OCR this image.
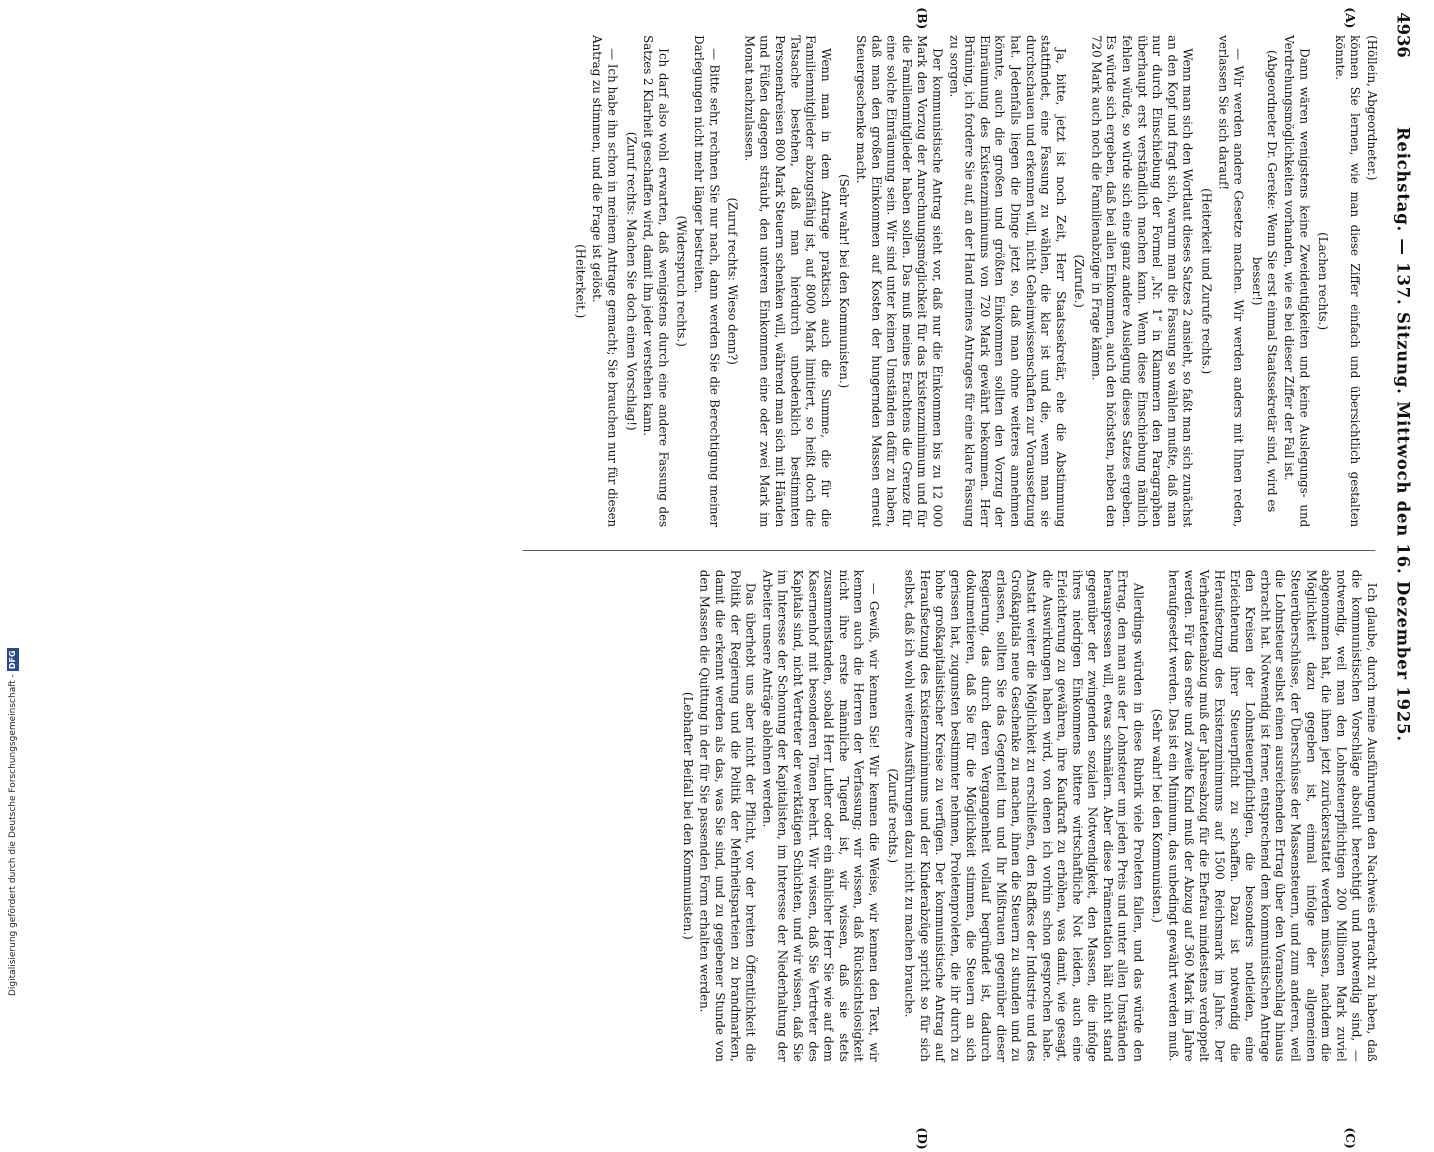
Digitalisierung gefördert durch die Deutsche Forschungsgemeinschaft -DFG
4936
Reichstag. — 137. Sitzung. Mittwoch den 16. Dezember 1925.
(A)
(B)
(C)
(D)

(Höllein, Abgeordneter.)

können Sie lernen, wie man diese Ziffer einfach und übersichtlich gestalten könnte.

(Lachen rechts.)

Dann wären wenigstens keine Zweideutigkeiten und keine Auslegungs- und Verdrehungsmöglichkeiten vorhanden, wie es bei dieser Ziffer der Fall ist.

(Abgeordneter Dr. Gereke: Wenn Sie erst einmal Staatssekretär sind, wird es besser!)

— Wir werden andere Gesetze machen. Wir werden anders mit Ihnen reden, verlassen Sie sich darauf!

(Heiterkeit und Zurufe rechts.)

Wenn man sich den Wortlaut dieses Satzes 2 ansieht, so faßt man sich zunächst an den Kopf und fragt sich, warum man die Fassung so wählen mußte, daß man nur durch Einschiebung der Formel „Nr. 1“ in Klammern den Paragraphen überhaupt erst verständlich machen kann. Wenn diese Einschiebung nämlich fehlen würde, so würde sich eine ganz andere Auslegung dieses Satzes ergeben. Es würde sich ergeben, daß bei allen Einkommen, auch den höchsten, neben den 720 Mark auch noch die Familienabzüge in Frage kämen.

(Zurufe.)

Ja, bitte, jetzt ist noch Zeit, Herr Staatssekretär, ehe die Abstimmung stattfindet, eine Fassung zu wählen, die klar ist und die, wenn man sie durchschauen und erkennen will, nicht Geheimwissenschaften zur Voraussetzung hat. Jedenfalls liegen die Dinge jetzt so, daß man ohne weiteres annehmen könnte, auch die großen und größten Einkommen sollten den Vorzug der Einräumung des Existenzminimums von 720 Mark gewährt bekommen. Herr Brüning, ich fordere Sie auf, an der Hand meines Antrages für eine klare Fassung zu sorgen.

Der kommunistische Antrag sieht vor, daß nur die Einkommen bis zu 12 000 Mark den Vorzug der Anrechnungsmöglichkeit für das Existenzminimum und für die Familienmitglieder haben sollen. Das muß meines Erachtens die Grenze für eine solche Einräumung sein. Wir sind unter keinen Umständen dafür zu haben, daß man den großen Einkommen auf Kosten der hungernden Massen erneut Steuergeschenke macht.

(Sehr wahr! bei den Kommunisten.)

Wenn man in dem Antrage praktisch auch die Summe, die für die Familienmitglieder abzugsfähig ist, auf 8000 Mark limitiert, so heißt doch die Tatsache bestehen, daß man hierdurch unbedenklich bestimmten Personenkreisen 800 Mark Steuern schenken will, während man sich mit Händen und Füßen dagegen sträubt, den unteren Einkommen eine oder zwei Mark im Monat nachzulassen.

(Zuruf rechts: Wieso denn?)

— Bitte sehr, rechnen Sie nur nach, dann werden Sie die Berechtigung meiner Darlegungen nicht mehr länger bestreiten.

(Widerspruch rechts.)

Ich darf also wohl erwarten, daß wenigstens durch eine andere Fassung des Satzes 2 Klarheit geschaffen wird, damit ihn jeder verstehen kann.

(Zuruf rechts: Machen Sie doch einen Vorschlag!)

— Ich habe ihn schon in meinem Antrage gemacht; Sie brauchen nur für diesen Antrag zu stimmen, und die Frage ist gelöst.

(Heiterkeit.)

Ich glaube, durch meine Ausführungen den Nachweis erbracht zu haben, daß die kommunistischen Vorschläge absolut berechtigt und notwendig sind, — notwendig, weil man den Lohnsteuerpflichtigen 200 Millionen Mark zuviel abgenommen hat, die ihnen jetzt zurückerstattet werden müssen, nachdem die Möglichkeit dazu gegeben ist, einmal infolge der allgemeinen Steuerüberschüsse, der Überschüsse der Massensteuern, und zum anderen, weil die Lohnsteuer selbst einen ausreichenden Ertrag über den Voranschlag hinaus erbracht hat. Notwendig ist ferner, entsprechend dem kommunistischen Antrage den Kreisen der Lohnsteuerpflichtigen, die besonders notleiden, eine Erleichterung ihrer Steuerpflicht zu schaffen. Dazu ist notwendig die Heraufsetzung des Existenzminimums auf 1500 Reichsmark im Jahre. Der Verheiratetenabzug muß der Jahresabzug für die Ehefrau mindestens verdoppelt werden. Für das erste und zweite Kind muß der Abzug auf 360 Mark im Jahre heraufgesetzt werden. Das ist ein Minimum, das unbedingt gewährt werden muß.

(Sehr wahr! bei den Kommunisten.)

Allerdings würden in diese Rubrik viele Proleten fallen, und das würde den Ertrag, den man aus der Lohnsteuer um jeden Preis und unter allen Umständen herauspressen will, etwas schmälern. Aber diese Prämentation hält nicht stand gegenüber der zwingenden sozialen Notwendigkeit, den Massen, die infolge ihres niedrigen Einkommens bittere wirtschaftliche Not leiden, auch eine Erleichterung zu gewähren, ihre Kaufkraft zu erhöhen, was damit, wie gesagt, die Auswirkungen haben wird, von denen ich vorhin schon gesprochen habe. Anstatt weiter die Möglichkeit zu erschließen, den Raffkes der Industrie und des Großkapitals neue Geschenke zu machen, ihnen die Steuern zu stunden und zu erlassen, sollten Sie das Gegenteil tun und Ihr Mißtrauen gegenüber dieser Regierung, das durch deren Vergangenheit vollauf begründet ist, dadurch dokumentieren, daß Sie für die Möglichkeit stimmen, die Steuern an sich gerissen hat, zugunsten bestimmter nehmen, Proletenproleten, die ihr durch zu hohe großkapitalistischer Kreise zu verfügen. Der kommunistische Antrag auf Heraufsetzung des Existenzminimums und der Kinderabzüge spricht so für sich selbst, daß ich wohl weitere Ausführungen dazu nicht zu machen brauche.

(Zurufe rechts.)

— Gewiß, wir kennen Sie! Wir kennen die Weise, wir kennen den Text, wir kennen auch die Herren der Verfassung; wir wissen, daß Rücksichtslosigkeit nicht ihre erste männliche Tugend ist, wir wissen, daß sie stets zusammenstanden, sobald Herr Luther oder ein ähnlicher Herr Sie wie auf dem Kasernenhof mit besonderen Tönen beehrt. Wir wissen, daß Sie Vertreter des Kapitals sind, nicht Vertreter der werktätigen Schichten, und wir wissen, daß Sie im Interesse der Schonung der Kapitalisten, im Interesse der Niederhaltung der Arbeiter unsere Anträge ablehnen werden.

Das überhebt uns aber nicht der Pflicht, vor der breiten Öffentlichkeit die Politik der Regierung und die Politik der Mehrheitsparteien zu brandmarken, damit die erkennt werden als das, was Sie sind, und zu gegebener Stunde von den Massen die Quittung in der für Sie passenden Form erhalten werden.

(Lebhafter Beifall bei den Kommunisten.)
